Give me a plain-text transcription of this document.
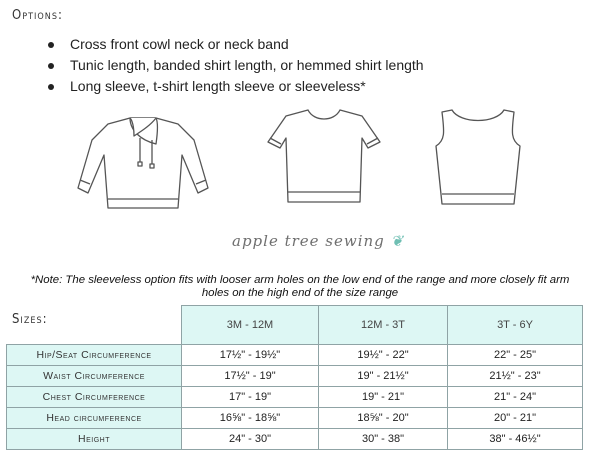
Options:
Cross front cowl neck or neck band
Tunic length, banded shirt length, or hemmed shirt length
Long sleeve, t-shirt length sleeve or sleeveless*
apple tree sewing ❦
*Note: The sleeveless option fits with looser arm holes on the low end of the range and more closely fit arm holes on the high end of the size range
Sizes:
		3M - 12M	12M - 3T	3T - 6Y
Hip/Seat Circumference	17½" - 19½"	19½" - 22"	22" - 25"
Waist Circumference	17½" - 19"	19" - 21½"	21½" - 23"
Chest Circumference	17" - 19"	19" - 21"	21" - 24"
Head circumference	16⅝" - 18⅝"	18⅝" - 20"	20" - 21"
Height	24" - 30"	30" - 38"	38" - 46½"
